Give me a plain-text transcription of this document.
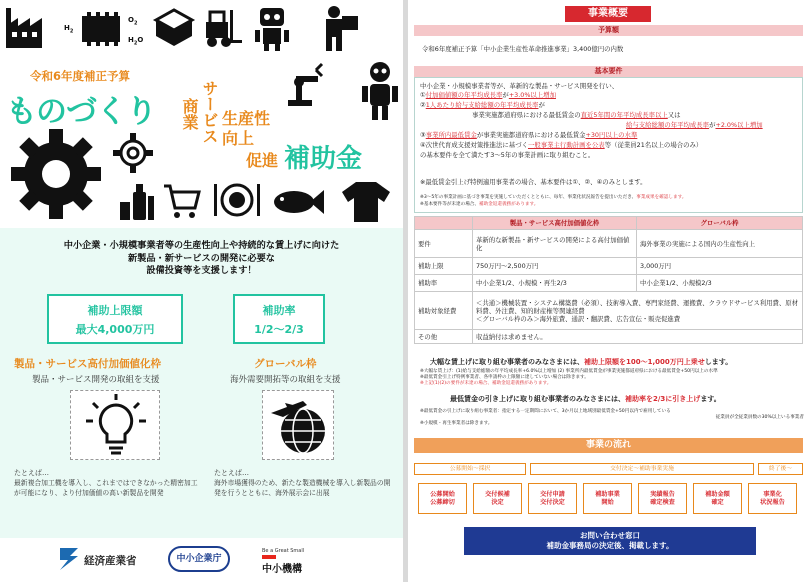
$H_2$
$O_2$
$H_2O$
令和6年度補正予算
ものづくり	サービス
商業 生産性
向上
促進 補助金
中小企業・小規模事業者等の生産性向上や持続的な賃上げに向けた
新製品・新サービスの開発に必要な
設備投資等を支援します！
補助上限額
最大4,000万円
補助率
1/2〜2/3
製品・サービス高付加価値化枠
製品・サービス開発の取組を支援
グローバル枠
海外需要開拓等の取組を支援
たとえば…
最新複合加工機を導入し、これまではできなかった精密加工が可能になり、より付加価値の高い新製品を開発
たとえば…
海外市場獲得のため、新たな製造機械を導入し新製品の開発を行うとともに、海外展示会に出展
経済産業省	中小企業庁
Be a Great Small
中小機構
事業概要
予算額
令和6年度補正予算「中小企業生産性革命推進事業」3,400億円の内数
基本要件
中小企業・小規模事業者等が、革新的な製品・サービス開発を行い、
①付加価値額の年平均成長率が+3.0%以上増加
②1人あたり給与支給総額の年平均成長率が
事業実施都道府県における最低賃金の直近5年間の年平均成長率以上又は
給与支給総額の年平均成長率が+2.0%以上増加
③事業所内最低賃金が事業実施都道府県における最低賃金+30円以上の水準
④次世代育成支援対策推進法に基づく一般事業主行動計画を公表等（従業員21名以上の場合のみ）
の基本要件を全て満たす3〜5年の事業計画に取り組むこと。
※最低賃金引上げ特例適用事業者の場合、基本要件は①、②、④のみとします。
※3〜5年の事業計画に基づき事業を実施していただくとともに、毎年、事業化状況報告を提出いただき、事業成果を確認します。
※基本要件等が未達の場合、補助金返還義務があります。
	製品・サービス高付加価値化枠	グローバル枠
要件	革新的な新製品・新サービスの開発による高付加価値化	海外事業の実施による国内の生産性向上
補助上限	750万円〜2,500万円	3,000万円
補助率	中小企業1/2、小規模・再生2/3	中小企業1/2、小規模2/3
補助対象経費	＜共通＞機械装置・システム構築費（必須）、技術導入費、専門家経費、運搬費、クラウドサービス利用費、原材料費、外注費、知的財産権等関連経費
＜グローバル枠のみ＞海外旅費、通訳・翻訳費、広告宣伝・販売促進費	
その他	収益納付は求めません。	
大幅な賃上げに取り組む事業者のみなさまには、補助上限額を100〜1,000万円上乗せします。
※大幅な賃上げ：(1)給与支給総額の年平均成長率+6.0%以上増加 (2) 事業所内最低賃金が事業実施都道府県における最低賃金+50円以上の水準
※最低賃金引上げ特例事業者、各申請枠の上限額に達していない場合は除きます。
※上記(1)(2)の要件が未達の場合、補助金返還義務があります。
最低賃金の引き上げに取り組む事業者のみなさまには、補助率を2/3に引き上げます。
※最低賃金の引上げに取り組む事業者：指定する一定期間において、3か月以上地域別最低賃金+50円以内で雇用している
従業員が全従業員数の30%以上いる事業者
※小規模・再生事業者は除きます。
事業の流れ
公募開始〜採択	交付決定〜補助事業実施	終了後〜
公募開始
公募締切
交付候補
決定
交付申請
交付決定
補助事業
開始
実績報告
確定検査
補助金額
確定
事業化
状況報告
お問い合わせ窓口
補助金事務局の決定後、掲載します。
